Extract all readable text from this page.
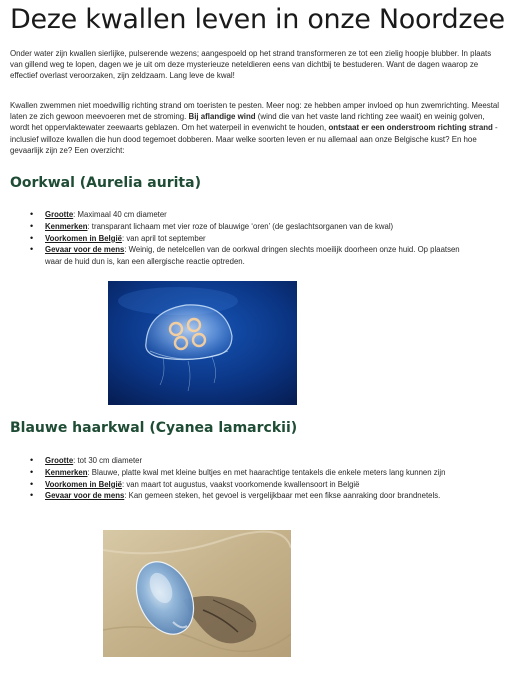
Deze kwallen leven in onze Noordzee

Onder water zijn kwallen sierlijke, pulserende wezens; aangespoeld op het strand transformeren ze tot een zielig hoopje blubber. In plaats van gillend weg te lopen, dagen we je uit om deze mysterieuze neteldieren eens van dichtbij te bestuderen. Want de dagen waarop ze effectief overlast veroorzaken, zijn zeldzaam. Lang leve de kwal!

Kwallen zwemmen niet moedwillig richting strand om toeristen te pesten. Meer nog: ze hebben amper invloed op hun zwemrichting. Meestal laten ze zich gewoon meevoeren met de stroming. Bij aflandige wind (wind die van het vaste land richting zee waait) en weinig golven, wordt het oppervlaktewater zeewaarts geblazen. Om het waterpeil in evenwicht te houden, ontstaat er een onderstroom richting strand - inclusief willoze kwallen die hun dood tegemoet dobberen. Maar welke soorten leven er nu allemaal aan onze Belgische kust? En hoe gevaarlijk zijn ze? Een overzicht:

Oorkwal (Aurelia aurita)
• Grootte: Maximaal 40 cm diameter
• Kenmerken: transparant lichaam met vier roze of blauwige ‘oren’ (de geslachtsorganen van de kwal)
• Voorkomen in België: van april tot september
• Gevaar voor de mens: Weinig, de netelcellen van de oorkwal dringen slechts moeilijk doorheen onze huid. Op plaatsen waar de huid dun is, kan een allergische reactie optreden.
Blauwe haarkwal (Cyanea lamarckii)
• Grootte: tot 30 cm diameter
• Kenmerken: Blauwe, platte kwal met kleine bultjes en met haarachtige tentakels die enkele meters lang kunnen zijn
• Voorkomen in België: van maart tot augustus, vaakst voorkomende kwallensoort in België
• Gevaar voor de mens: Kan gemeen steken, het gevoel is vergelijkbaar met een fikse aanraking door brandnetels.
